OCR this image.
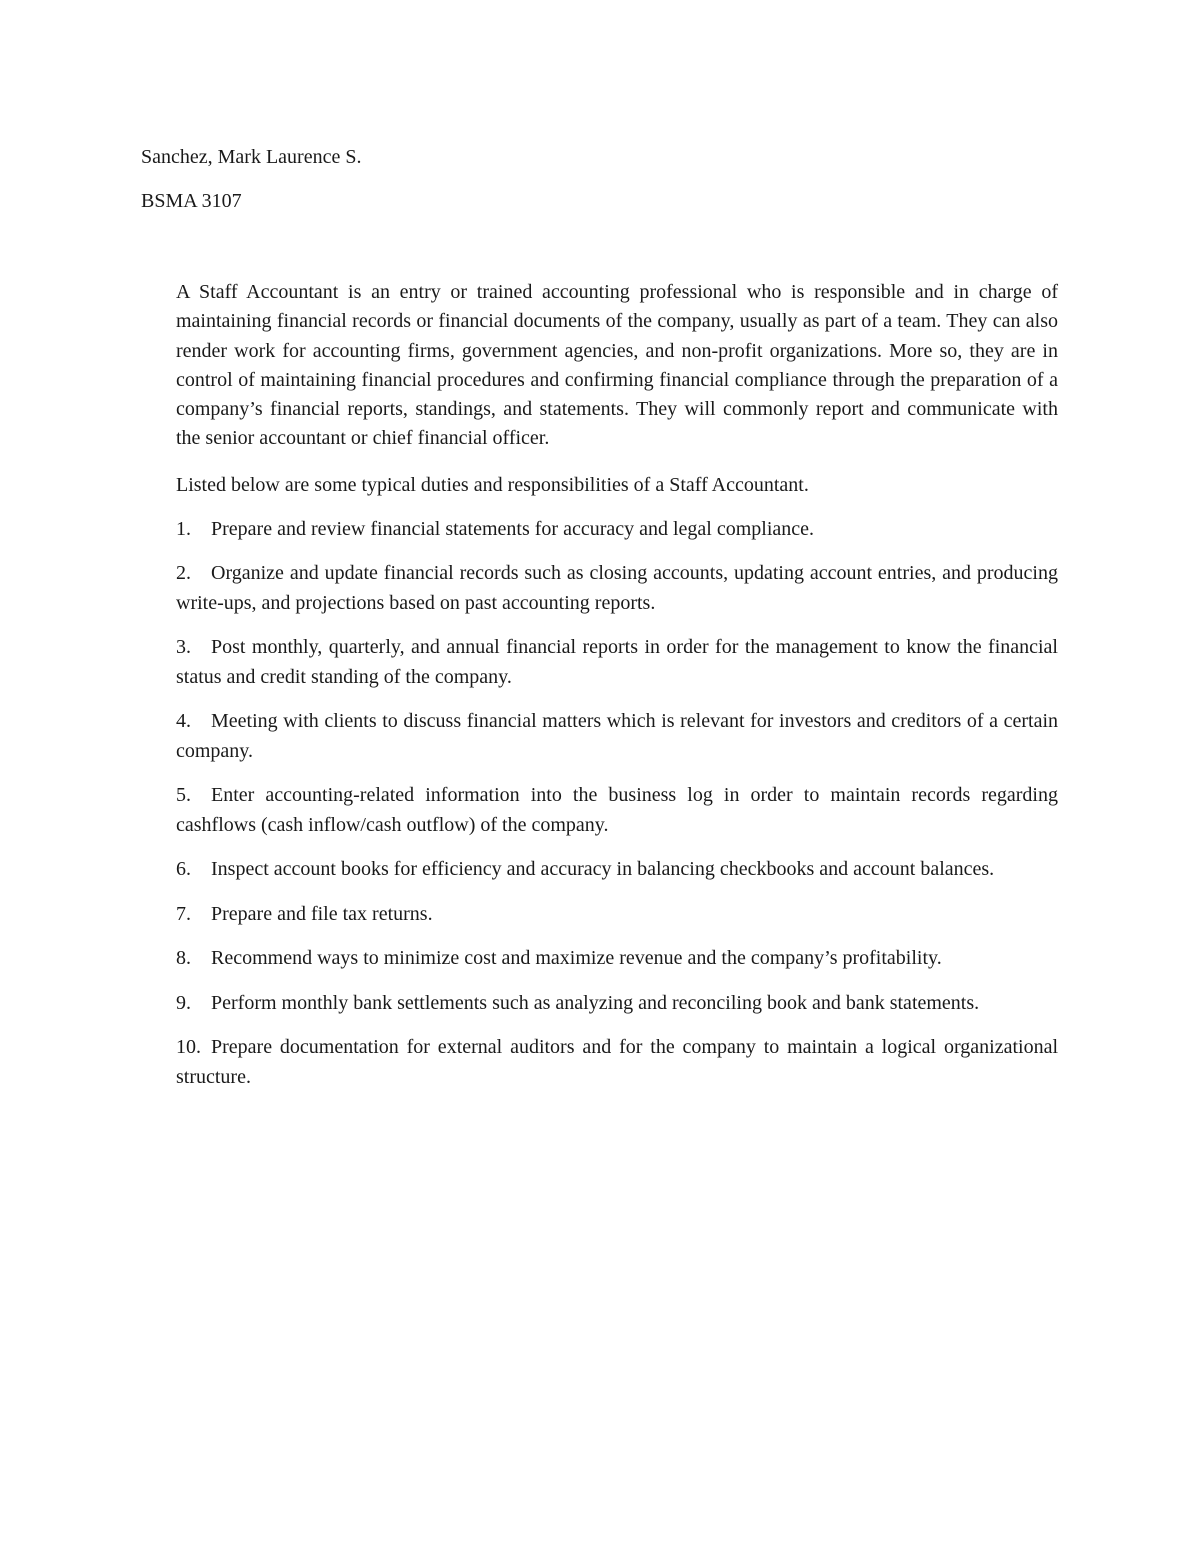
Sanchez, Mark Laurence S.
BSMA 3107

A Staff Accountant is an entry or trained accounting professional who is responsible and in charge of maintaining financial records or financial documents of the company, usually as part of a team. They can also render work for accounting firms, government agencies, and non-profit organizations. More so, they are in control of maintaining financial procedures and confirming financial compliance through the preparation of a company’s financial reports, standings, and statements. They will commonly report and communicate with the senior accountant or chief financial officer.

Listed below are some typical duties and responsibilities of a Staff Accountant.

1. Prepare and review financial statements for accuracy and legal compliance.
2. Organize and update financial records such as closing accounts, updating account entries, and producing write-ups, and projections based on past accounting reports.
3. Post monthly, quarterly, and annual financial reports in order for the management to know the financial status and credit standing of the company.
4. Meeting with clients to discuss financial matters which is relevant for investors and creditors of a certain company.
5. Enter accounting-related information into the business log in order to maintain records regarding cashflows (cash inflow/cash outflow) of the company.
6. Inspect account books for efficiency and accuracy in balancing checkbooks and account balances.
7. Prepare and file tax returns.
8. Recommend ways to minimize cost and maximize revenue and the company’s profitability.
9. Perform monthly bank settlements such as analyzing and reconciling book and bank statements.
10. Prepare documentation for external auditors and for the company to maintain a logical organizational structure.
